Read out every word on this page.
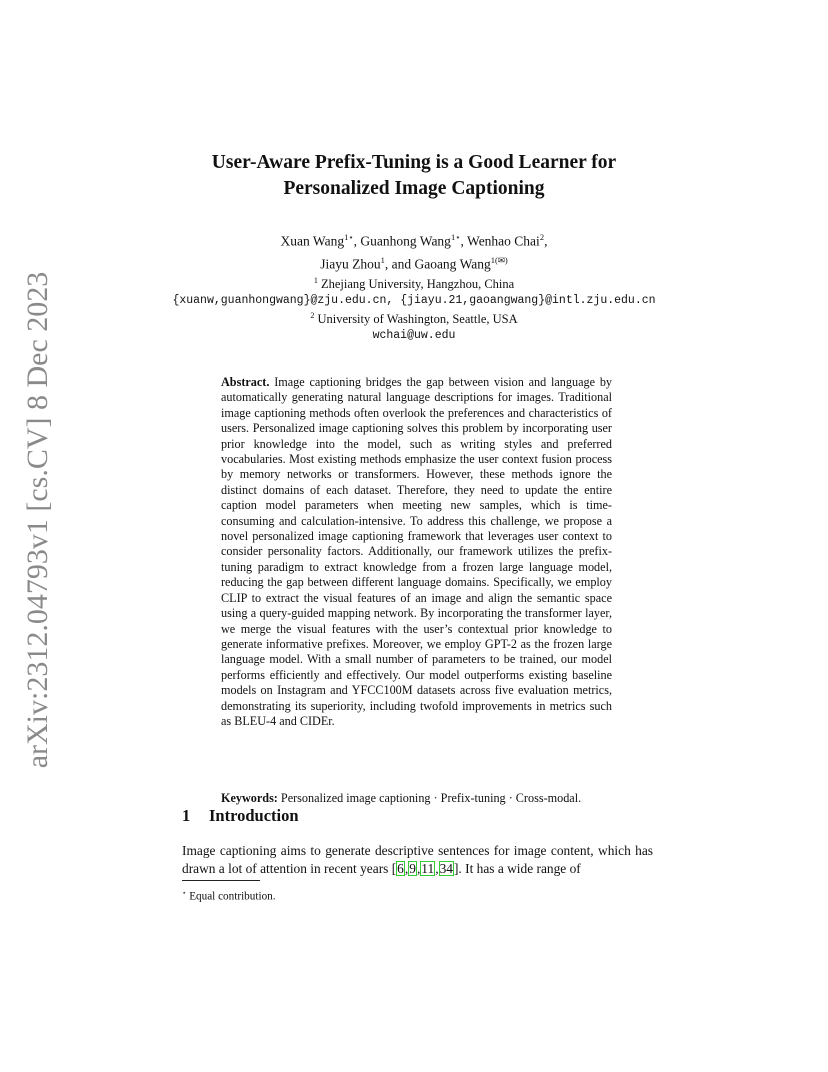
arXiv:2312.04793v1 [cs.CV] 8 Dec 2023
User-Aware Prefix-Tuning is a Good Learner for
Personalized Image Captioning
Xuan Wang$^{1⋆}$, Guanhong Wang$^{1⋆}$, Wenhao Chai$^2$,
Jiayu Zhou$^1$, and Gaoang Wang$^{1(✉)}$
$^1$ Zhejiang University, Hangzhou, China
{xuanw,guanhongwang}@zju.edu.cn, {jiayu.21,gaoangwang}@intl.zju.edu.cn
$^2$ University of Washington, Seattle, USA
wchai@uw.edu
Abstract. Image captioning bridges the gap between vision and language by automatically generating natural language descriptions for images. Traditional image captioning methods often overlook the preferences and characteristics of users. Personalized image captioning solves this problem by incorporating user prior knowledge into the model, such as writing styles and preferred vocabularies. Most existing methods emphasize the user context fusion process by memory networks or transformers. However, these methods ignore the distinct domains of each dataset. Therefore, they need to update the entire caption model parameters when meeting new samples, which is time-consuming and calculation-intensive. To address this challenge, we propose a novel personalized image captioning framework that leverages user context to consider personality factors. Additionally, our framework utilizes the prefix-tuning paradigm to extract knowledge from a frozen large language model, reducing the gap between different language domains. Specifically, we employ CLIP to extract the visual features of an image and align the semantic space using a query-guided mapping network. By incorporating the transformer layer, we merge the visual features with the user’s contextual prior knowledge to generate informative prefixes. Moreover, we employ GPT-2 as the frozen large language model. With a small number of parameters to be trained, our model performs efficiently and effectively. Our model outperforms existing baseline models on Instagram and YFCC100M datasets across five evaluation metrics, demonstrating its superiority, including twofold improvements in metrics such as BLEU-4 and CIDEr.
Keywords: Personalized image captioning · Prefix-tuning · Cross-modal.
1 Introduction
Image captioning aims to generate descriptive sentences for image content, which has drawn a lot of attention in recent years [6,9,11,34]. It has a wide range of
⋆ Equal contribution.
